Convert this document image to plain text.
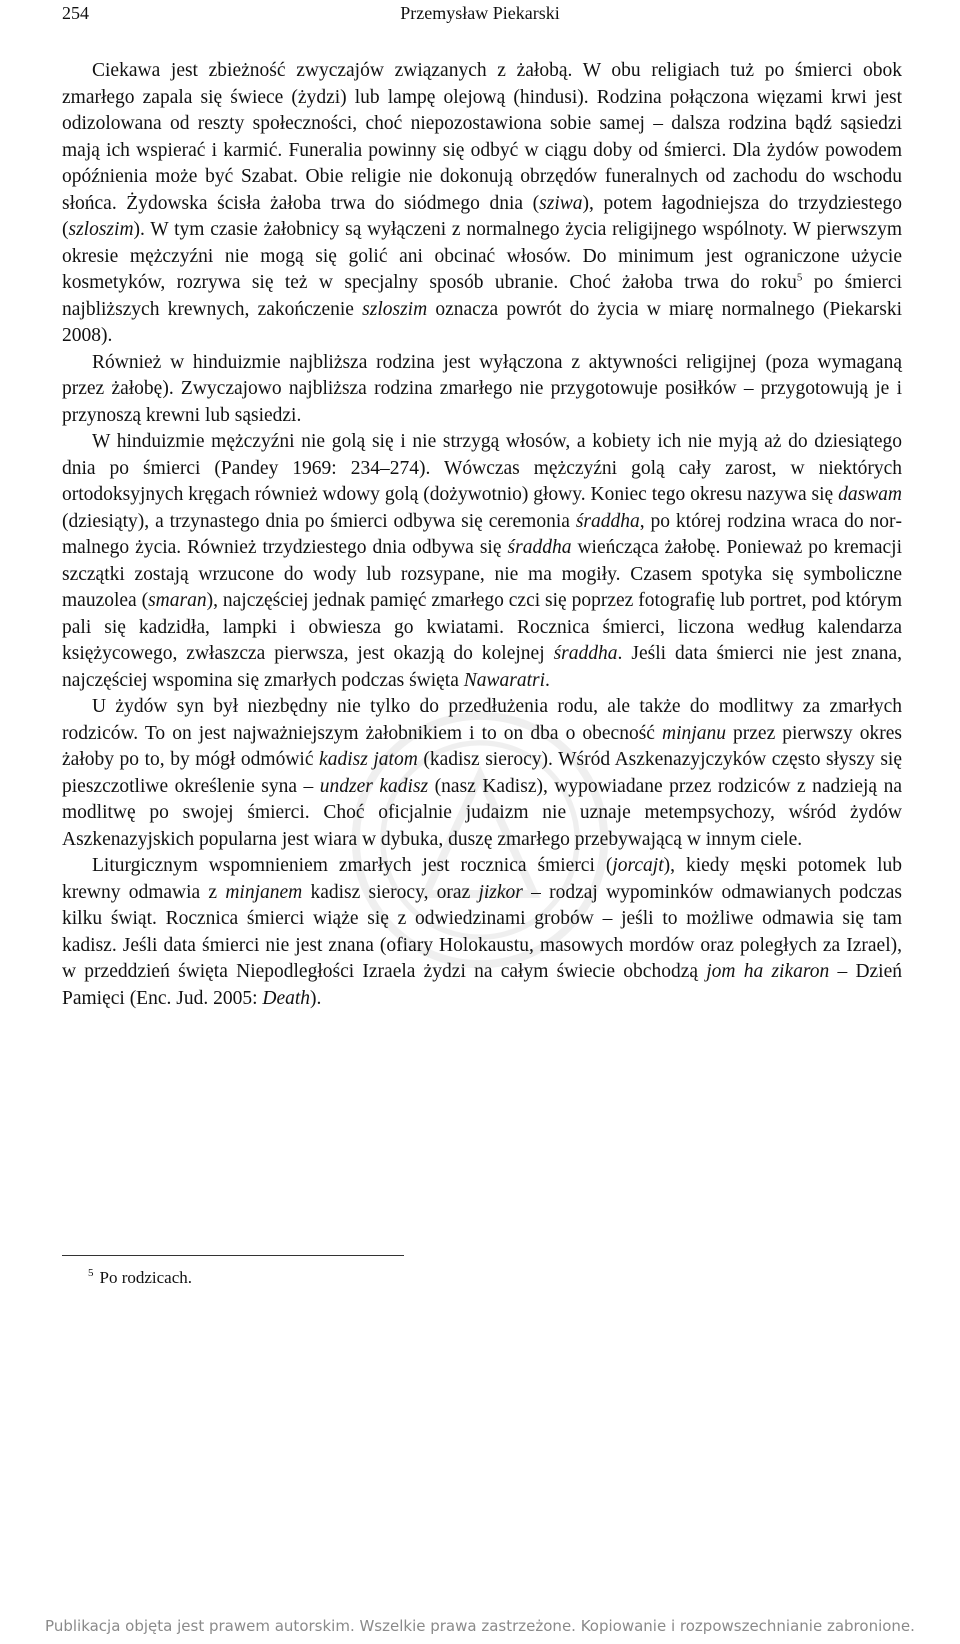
254	Przemysław Piekarski

Ciekawa jest zbieżność zwyczajów związanych z żałobą. W obu religiach tuż po śmierci obok zmarłego zapala się świece (żydzi) lub lampę olejową (hindusi). Rodzina połączona więzami krwi jest odizolowana od reszty społeczności, choć niepozostawiona sobie samej – dalsza rodzina bądź sąsiedzi mają ich wspierać i karmić. Funeralia powinny się odbyć w ciągu doby od śmierci. Dla żydów powodem opóźnienia może być Szabat. Obie religie nie dokonują obrzędów funeralnych od zachodu do wschodu słońca. Żydowska ścisła żałoba trwa do siódmego dnia (sziwa), potem łagodniejsza do trzydziestego (szloszim). W tym czasie żałobnicy są wyłączeni z normalnego życia religijnego wspólnoty. W pierwszym okresie mężczyźni nie mogą się golić ani obcinać włosów. Do minimum jest ograniczone użycie kosmetyków, rozrywa się też w specjalny sposób ubranie. Choć żałoba trwa do roku$^5$ po śmierci najbliższych krewnych, zakończenie szloszim oznacza powrót do życia w miarę normalnego (Piekarski 2008).

Również w hinduizmie najbliższa rodzina jest wyłączona z aktywności religijnej (poza wymaganą przez żałobę). Zwyczajowo najbliższa rodzina zmarłego nie przygotowuje posiłków – przygotowują je i przynoszą krewni lub sąsiedzi.

W hinduizmie mężczyźni nie golą się i nie strzygą włosów, a kobiety ich nie myją aż do dziesiątego dnia po śmierci (Pandey 1969: 234–274). Wówczas mężczyźni golą cały zarost, w niektórych ortodoksyjnych kręgach również wdowy golą (dożywotnio) głowy. Koniec tego okresu nazywa się daswam (dziesiąty), a trzynastego dnia po śmierci odbywa się ceremonia śraddha, po której rodzina wraca do normalnego życia. Również trzydziestego dnia odbywa się śraddha wieńcząca żałobę. Ponieważ po kremacji szczątki zostają wrzucone do wody lub rozsypane, nie ma mogiły. Czasem spotyka się symboliczne mauzolea (smaran), najczęściej jednak pamięć zmarłego czci się poprzez fotografię lub portret, pod którym pali się kadzidła, lampki i obwiesza go kwiatami. Rocznica śmierci, liczona według kalendarza księżycowego, zwłaszcza pierwsza, jest okazją do kolejnej śraddha. Jeśli data śmierci nie jest znana, najczęściej wspomina się zmarłych podczas święta Nawaratri.

U żydów syn był niezbędny nie tylko do przedłużenia rodu, ale także do modlitwy za zmarłych rodziców. To on jest najważniejszym żałobnikiem i to on dba o obecność minjanu przez pierwszy okres żałoby po to, by mógł odmówić kadisz jatom (kadisz sierocy). Wśród Aszkenazyjczyków często słyszy się pieszczotliwe określenie syna – undzer kadisz (nasz Kadisz), wypowiadane przez rodziców z nadzieją na modlitwę po swojej śmierci. Choć oficjalnie judaizm nie uznaje metempsychozy, wśród żydów Aszkenazyjskich popularna jest wiara w dybuka, duszę zmarłego przebywającą w innym ciele.

Liturgicznym wspomnieniem zmarłych jest rocznica śmierci (jorcajt), kiedy męski potomek lub krewny odmawia z minjanem kadisz sierocy, oraz jizkor – rodzaj wypominków odmawianych podczas kilku świąt. Rocznica śmierci wiąże się z odwiedzinami grobów – jeśli to możliwe odmawia się tam kadisz. Jeśli data śmierci nie jest znana (ofiary Holokaustu, masowych mordów oraz poległych za Izrael), w przeddzień święta Niepodległości Izraela żydzi na całym świecie obchodzą jom ha zikaron – Dzień Pamięci (Enc. Jud. 2005: Death).

$^5$ Po rodzicach.
Publikacja objęta jest prawem autorskim. Wszelkie prawa zastrzeżone. Kopiowanie i rozpowszechnianie zabronione.
